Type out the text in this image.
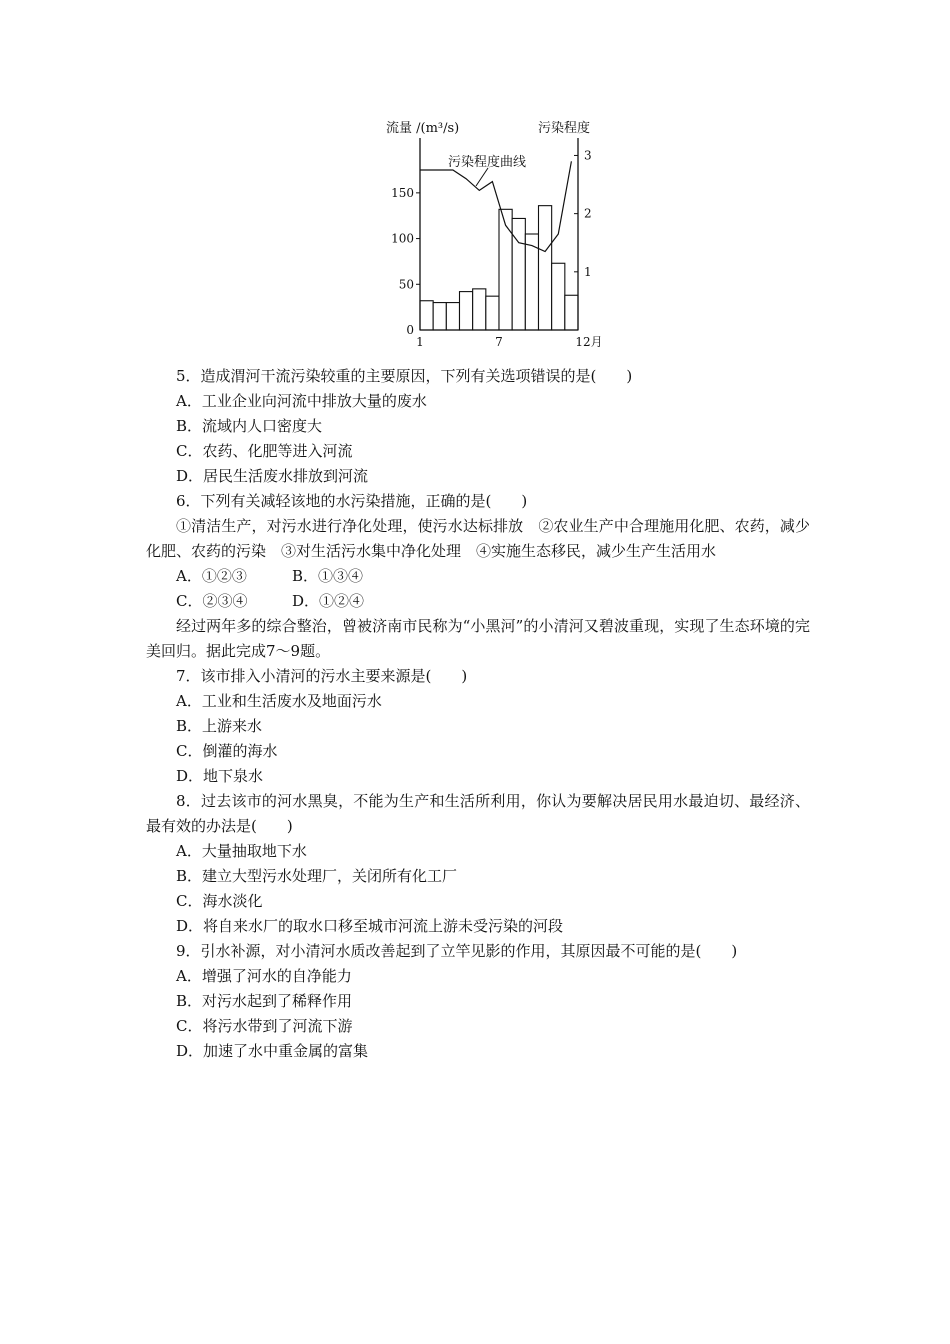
流量 /(m³/s)	污染程度
污染程度曲线
0
50
100
150
1
2
3
1	7	12月
5．造成渭河干流污染较重的主要原因，下列有关选项错误的是(　　)
A．工业企业向河流中排放大量的废水
B．流域内人口密度大
C．农药、化肥等进入河流
D．居民生活废水排放到河流
6．下列有关减轻该地的水污染措施，正确的是(　　)
①清洁生产，对污水进行净化处理，使污水达标排放　②农业生产中合理施用化肥、农药，减少化肥、农药的污染　③对生活污水集中净化处理　④实施生态移民，减少生产生活用水
A．①②③	B．①③④
C．②③④	D．①②④
经过两年多的综合整治，曾被济南市民称为“小黑河”的小清河又碧波重现，实现了生态环境的完美回归。据此完成7～9题。
7．该市排入小清河的污水主要来源是(　　)
A．工业和生活废水及地面污水
B．上游来水
C．倒灌的海水
D．地下泉水
8．过去该市的河水黑臭，不能为生产和生活所利用，你认为要解决居民用水最迫切、最经济、最有效的办法是(　　)
A．大量抽取地下水
B．建立大型污水处理厂，关闭所有化工厂
C．海水淡化
D．将自来水厂的取水口移至城市河流上游未受污染的河段
9．引水补源，对小清河水质改善起到了立竿见影的作用，其原因最不可能的是(　　)
A．增强了河水的自净能力
B．对污水起到了稀释作用
C．将污水带到了河流下游
D．加速了水中重金属的富集
